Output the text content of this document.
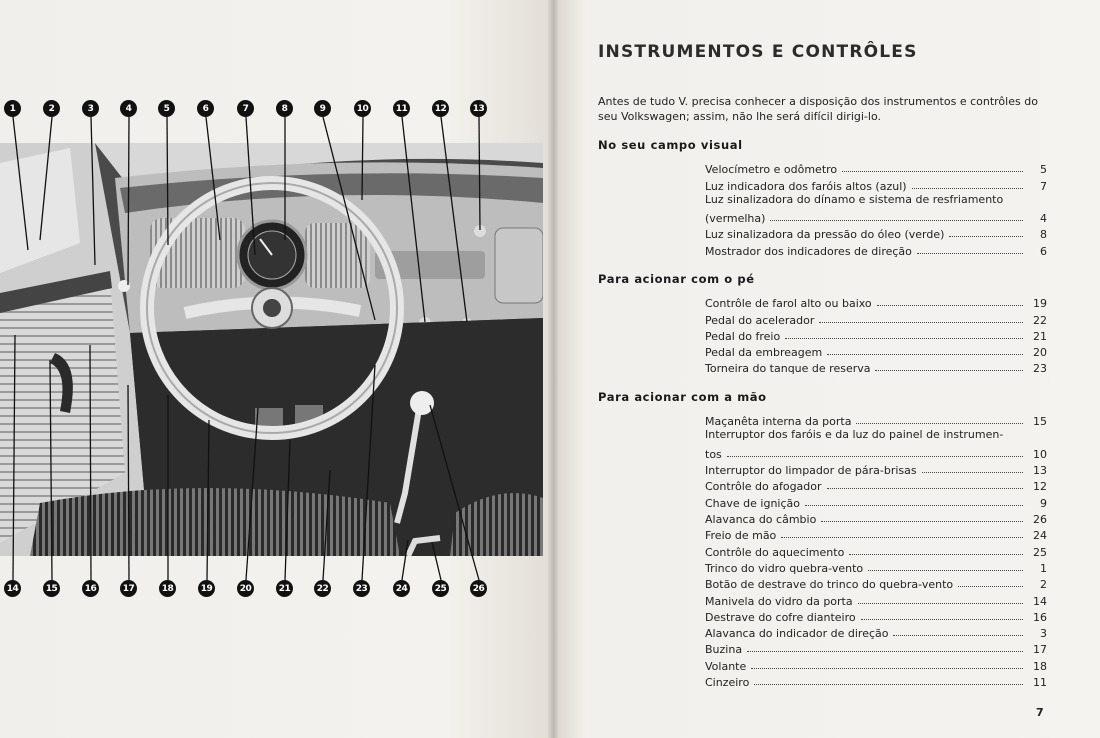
1	2	3	4	5	6	7	8	9	10	11	12	13
14	15	16	17	18	19	20	21	22	23	24	25	26
INSTRUMENTOS E CONTRÔLES

Antes de tudo V. precisa conhecer a disposição dos instrumentos e contrôles do seu Volkswagen; assim, não lhe será difícil dirigi-lo.

No seu campo visual
Velocímetro e odômetro	5
Luz indicadora dos faróis altos (azul)	7
Luz sinalizadora do dínamo e sistema de resfriamento
(vermelha)	4
Luz sinalizadora da pressão do óleo (verde)	8
Mostrador dos indicadores de direção	6
Para acionar com o pé
Contrôle de farol alto ou baixo	19
Pedal do acelerador	22
Pedal do freio	21
Pedal da embreagem	20
Torneira do tanque de reserva	23
Para acionar com a mão
Maçanêta interna da porta	15
Interruptor dos faróis e da luz do painel de instrumen-
tos	10
Interruptor do limpador de pára-brisas	13
Contrôle do afogador	12
Chave de ignição	9
Alavanca do câmbio	26
Freio de mão	24
Contrôle do aquecimento	25
Trinco do vidro quebra-vento	1
Botão de destrave do trinco do quebra-vento	2
Manivela do vidro da porta	14
Destrave do cofre dianteiro	16
Alavanca do indicador de direção	3
Buzina	17
Volante	18
Cinzeiro	11
7
